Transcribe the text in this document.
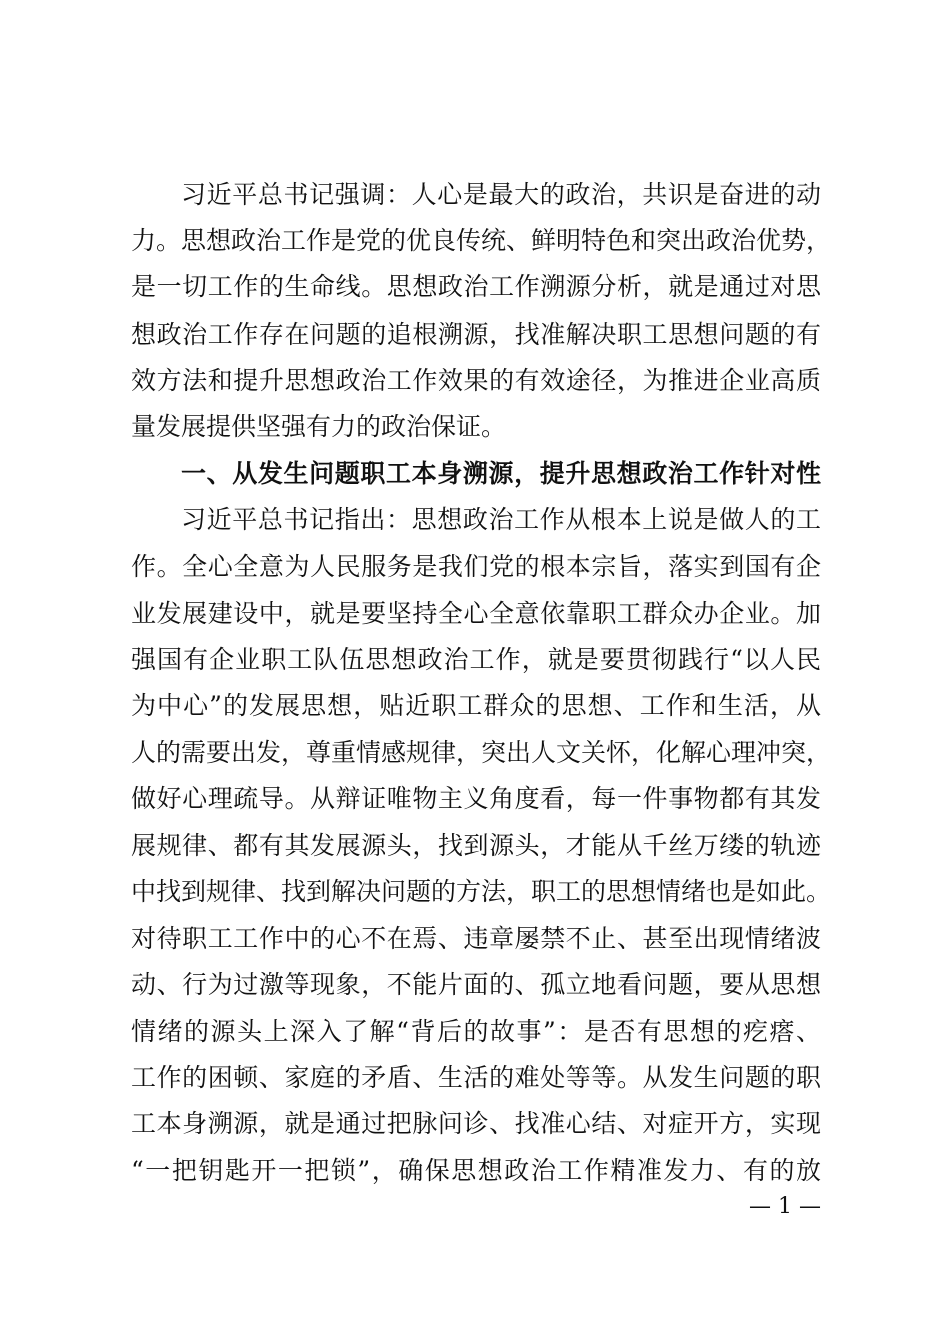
习近平总书记强调：人心是最大的政治，共识是奋进的动
力。思想政治工作是党的优良传统、鲜明特色和突出政治优势，
是一切工作的生命线。思想政治工作溯源分析，就是通过对思
想政治工作存在问题的追根溯源，找准解决职工思想问题的有
效方法和提升思想政治工作效果的有效途径，为推进企业高质
量发展提供坚强有力的政治保证。
一、从发生问题职工本身溯源，提升思想政治工作针对性
习近平总书记指出：思想政治工作从根本上说是做人的工
作。全心全意为人民服务是我们党的根本宗旨，落实到国有企
业发展建设中，就是要坚持全心全意依靠职工群众办企业。加
强国有企业职工队伍思想政治工作，就是要贯彻践行“以人民
为中心”的发展思想，贴近职工群众的思想、工作和生活，从
人的需要出发，尊重情感规律，突出人文关怀，化解心理冲突，
做好心理疏导。从辩证唯物主义角度看，每一件事物都有其发
展规律、都有其发展源头，找到源头，才能从千丝万缕的轨迹
中找到规律、找到解决问题的方法，职工的思想情绪也是如此。
对待职工工作中的心不在焉、违章屡禁不止、甚至出现情绪波
动、行为过激等现象，不能片面的、孤立地看问题，要从思想
情绪的源头上深入了解“背后的故事”：是否有思想的疙瘩、
工作的困顿、家庭的矛盾、生活的难处等等。从发生问题的职
工本身溯源，就是通过把脉问诊、找准心结、对症开方，实现
“一把钥匙开一把锁”，确保思想政治工作精准发力、有的放
— 1 —
